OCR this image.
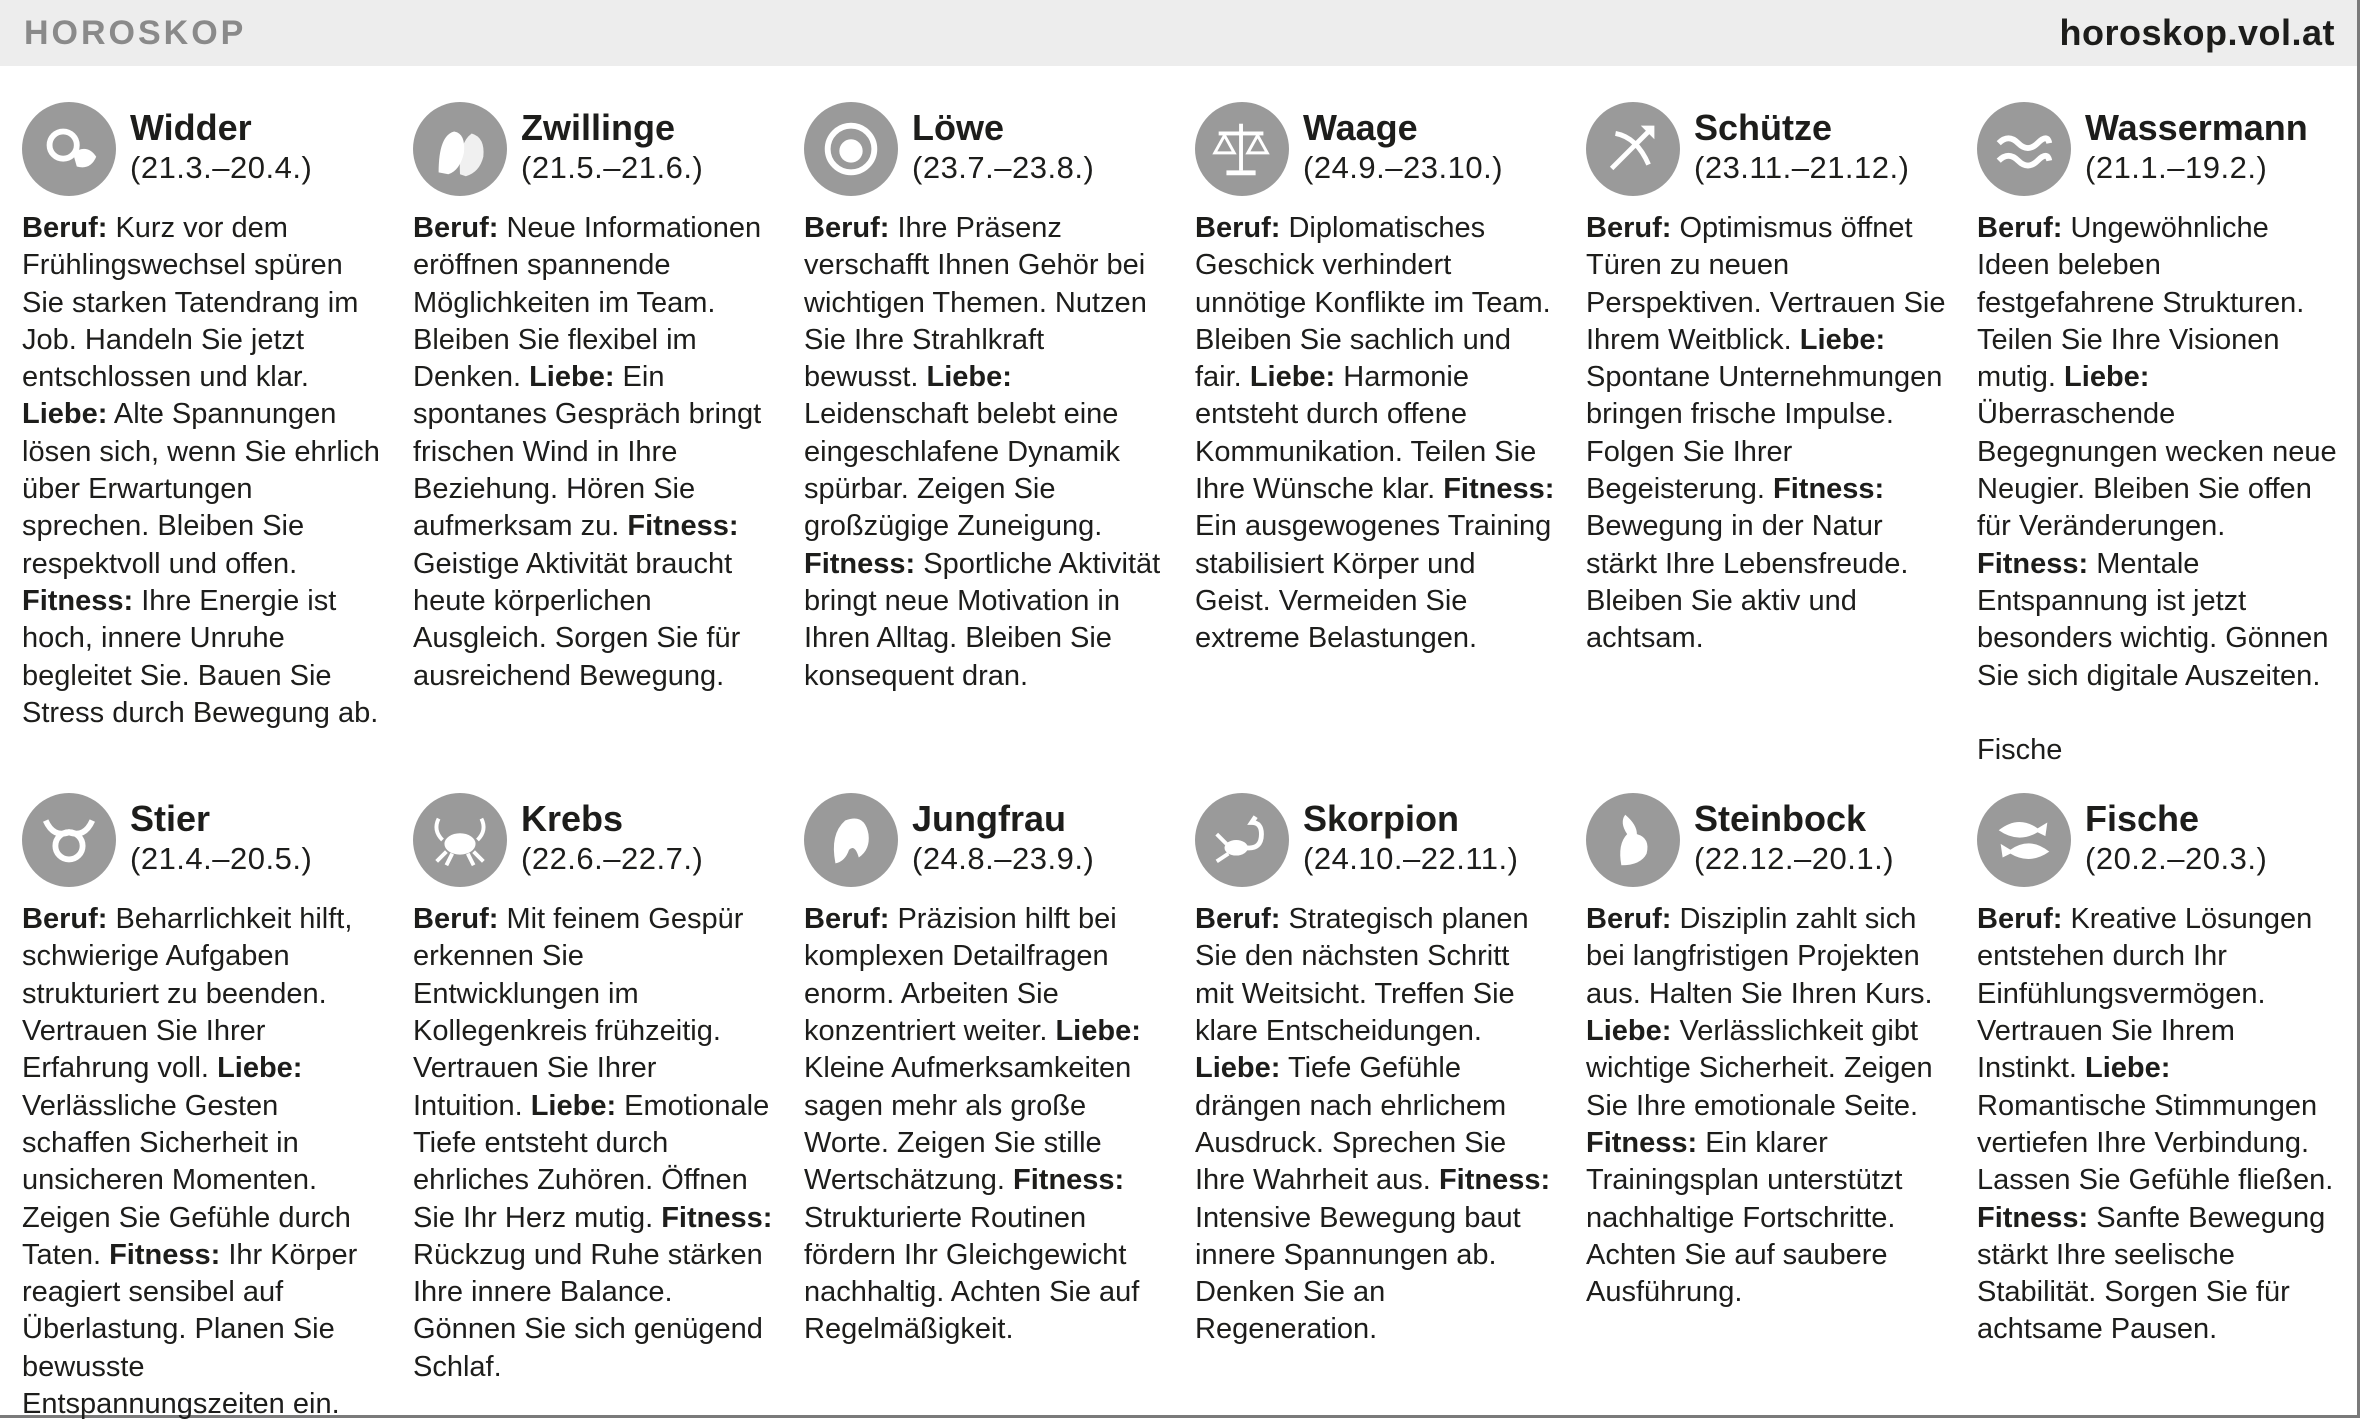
HOROSKOP	horoskop.vol.at
Widder
(21.3.–20.4.)

Beruf: Kurz vor dem Frühlingswechsel spüren Sie starken Tatendrang im Job. Handeln Sie jetzt entschlossen und klar. Liebe: Alte Spannungen lösen sich, wenn Sie ehrlich über Erwartungen sprechen. Bleiben Sie respektvoll und offen. Fitness: Ihre Energie ist hoch, innere Unruhe begleitet Sie. Bauen Sie Stress durch Bewegung ab.

Zwillinge
(21.5.–21.6.)

Beruf: Neue Informationen eröffnen spannende Möglichkeiten im Team. Bleiben Sie flexibel im Denken. Liebe: Ein spontanes Gespräch bringt frischen Wind in Ihre Beziehung. Hören Sie aufmerksam zu. Fitness: Geistige Aktivität braucht heute körperlichen Ausgleich. Sorgen Sie für ausreichend Bewegung.

Löwe
(23.7.–23.8.)

Beruf: Ihre Präsenz verschafft Ihnen Gehör bei wichtigen Themen. Nutzen Sie Ihre Strahlkraft bewusst. Liebe: Leidenschaft belebt eine eingeschlafene Dynamik spürbar. Zeigen Sie großzügige Zuneigung. Fitness: Sportliche Aktivität bringt neue Motivation in Ihren Alltag. Bleiben Sie konsequent dran.

Waage
(24.9.–23.10.)

Beruf: Diplomatisches Geschick verhindert unnötige Konflikte im Team. Bleiben Sie sachlich und fair. Liebe: Harmonie entsteht durch offene Kommunikation. Teilen Sie Ihre Wünsche klar. Fitness: Ein ausgewogenes Training stabilisiert Körper und Geist. Vermeiden Sie extreme Belastungen.

Schütze
(23.11.–21.12.)

Beruf: Optimismus öffnet Türen zu neuen Perspektiven. Vertrauen Sie Ihrem Weitblick. Liebe: Spontane Unternehmungen bringen frische Impulse. Folgen Sie Ihrer Begeisterung. Fitness: Bewegung in der Natur stärkt Ihre Lebensfreude. Bleiben Sie aktiv und achtsam.

Wassermann
(21.1.–19.2.)

Beruf: Ungewöhnliche Ideen beleben festgefahrene Strukturen. Teilen Sie Ihre Visionen mutig. Liebe: Überraschende Begegnungen wecken neue Neugier. Bleiben Sie offen für Veränderungen. Fitness: Mentale Entspannung ist jetzt besonders wichtig. Gönnen Sie sich digitale Auszeiten.
Fische

Stier
(21.4.–20.5.)

Beruf: Beharrlichkeit hilft, schwierige Aufgaben strukturiert zu beenden. Vertrauen Sie Ihrer Erfahrung voll. Liebe: Verlässliche Gesten schaffen Sicherheit in unsicheren Momenten. Zeigen Sie Gefühle durch Taten. Fitness: Ihr Körper reagiert sensibel auf Überlastung. Planen Sie bewusste Entspannungszeiten ein.

Krebs
(22.6.–22.7.)

Beruf: Mit feinem Gespür erkennen Sie Entwicklungen im Kollegenkreis frühzeitig. Vertrauen Sie Ihrer Intuition. Liebe: Emotionale Tiefe entsteht durch ehrliches Zuhören. Öffnen Sie Ihr Herz mutig. Fitness: Rückzug und Ruhe stärken Ihre innere Balance. Gönnen Sie sich genügend Schlaf.

Jungfrau
(24.8.–23.9.)

Beruf: Präzision hilft bei komplexen Detailfragen enorm. Arbeiten Sie konzentriert weiter. Liebe: Kleine Aufmerksamkeiten sagen mehr als große Worte. Zeigen Sie stille Wertschätzung. Fitness: Strukturierte Routinen fördern Ihr Gleichgewicht nachhaltig. Achten Sie auf Regelmäßigkeit.

Skorpion
(24.10.–22.11.)

Beruf: Strategisch planen Sie den nächsten Schritt mit Weitsicht. Treffen Sie klare Entscheidungen. Liebe: Tiefe Gefühle drängen nach ehrlichem Ausdruck. Sprechen Sie Ihre Wahrheit aus. Fitness: Intensive Bewegung baut innere Spannungen ab. Denken Sie an Regeneration.

Steinbock
(22.12.–20.1.)

Beruf: Disziplin zahlt sich bei langfristigen Projekten aus. Halten Sie Ihren Kurs. Liebe: Verlässlichkeit gibt wichtige Sicherheit. Zeigen Sie Ihre emotionale Seite. Fitness: Ein klarer Trainingsplan unterstützt nachhaltige Fortschritte. Achten Sie auf saubere Ausführung.

Fische
(20.2.–20.3.)

Beruf: Kreative Lösungen entstehen durch Ihr Einfühlungsvermögen. Vertrauen Sie Ihrem Instinkt. Liebe: Romantische Stimmungen vertiefen Ihre Verbindung. Lassen Sie Gefühle fließen. Fitness: Sanfte Bewegung stärkt Ihre seelische Stabilität. Sorgen Sie für achtsame Pausen.
